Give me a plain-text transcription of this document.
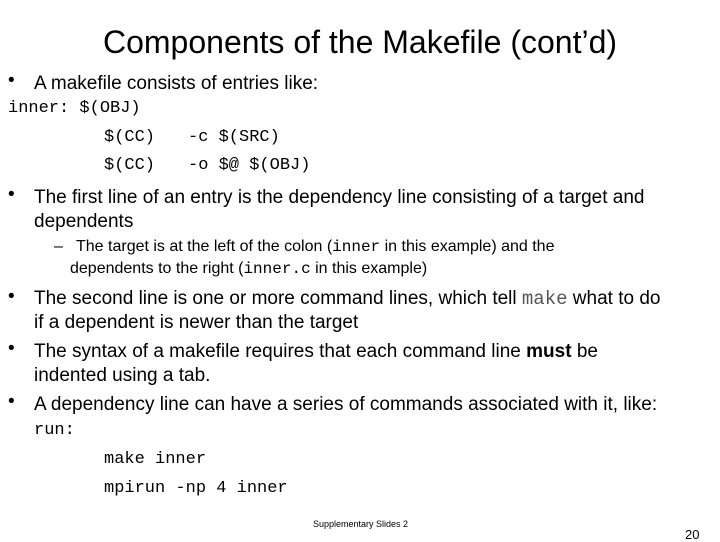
Components of the Makefile (cont’d)
• A makefile consists of entries like:
inner: $(OBJ)
$(CC) -c $(SRC)
$(CC) -o $@ $(OBJ)
• The first line of an entry is the dependency line consisting of a target and
dependents
– The target is at the left of the colon (inner in this example) and the
dependents to the right (inner.c in this example)
• The second line is one or more command lines, which tell make what to do
if a dependent is newer than the target
• The syntax of a makefile requires that each command line must be
indented using a tab.
• A dependency line can have a series of commands associated with it, like:
run:
make inner
mpirun -np 4 inner
Supplementary Slides 2
20
